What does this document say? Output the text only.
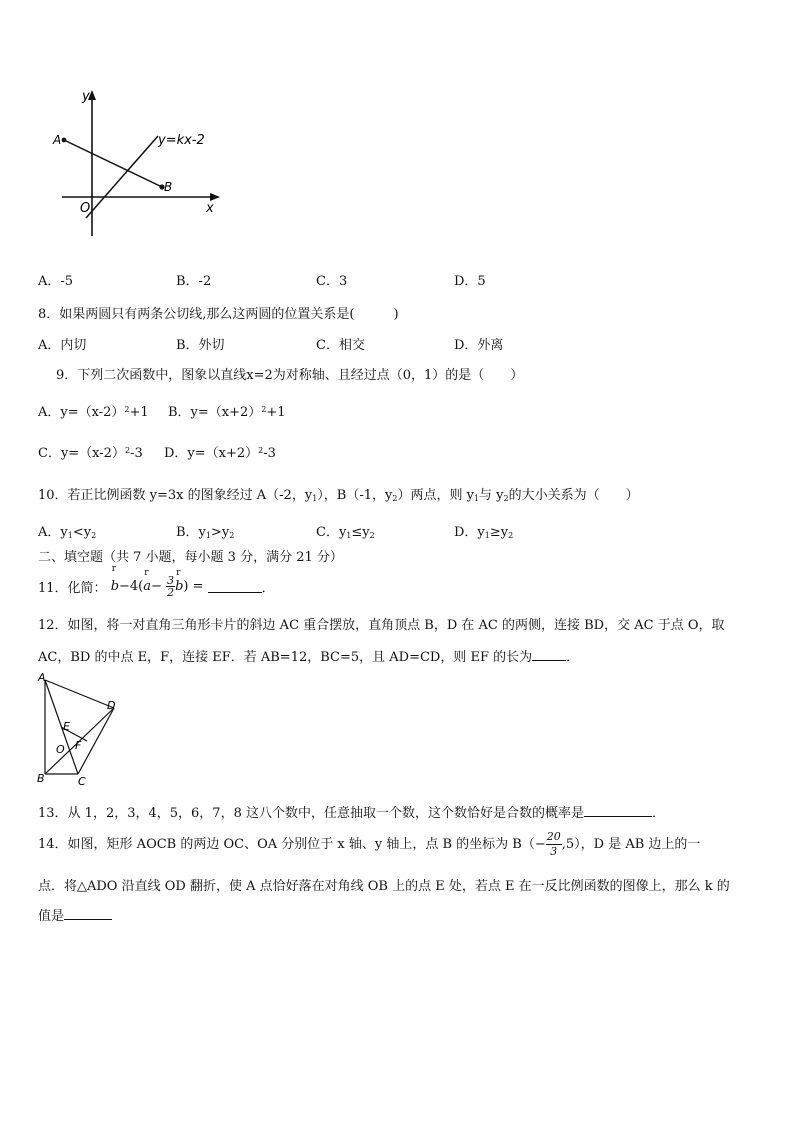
y
x
O
A
B
y=kx-2
A．-5	B．-2	C．3	D．5
8．如果两圆只有两条公切线,那么这两圆的位置关系是(　　　)
A．内切	B．外切	C．相交	D．外离
9．下列二次函数中，图象以直线x=2为对称轴、且经过点（0，1）的是（　　）
A．$y=(x-2)^2+1$ B．$y=(x+2)^2+1$
C．$y=(x-2)^2-3$ D．$y=(x+2)^2-3$
10．若正比例函数 y=3x 的图象经过 A（-2，$y_1$），B（-1，$y_2$）两点，则 $y_1$与 $y_2$的大小关系为（　　）
A．$y_1<y_2$	B．$y_1>y_2$	C．$y_1\le y_2$	D．$y_1\ge y_2$
二、填空题（共 7 小题，每小题 3 分，满分 21 分）
11．化简：
r
b−4(
r
$a- \frac{3}{2}$
r
b) =	．
12．如图，将一对直角三角形卡片的斜边 AC 重合摆放，直角顶点 B，D 在 AC 的两侧，连接 BD，交 AC 于点 O，取
AC，BD 的中点 E，F，连接 EF．若 AB=12，BC=5，且 AD=CD，则 EF 的长为	．
A
D
E
O F
B	C
13．从 1，2，3，4，5，6，7，8 这八个数中，任意抽取一个数，这个数恰好是合数的概率是	．
14．如图，矩形 AOCB 的两边 OC、OA 分别位于 x 轴、y 轴上，点 B 的坐标为 $B(- \frac{20}{3} ,5)$，D 是 AB 边上的一
点．将△ADO 沿直线 OD 翻折，使 A 点恰好落在对角线 OB 上的点 E 处，若点 E 在一反比例函数的图像上，那么 k 的
值是
